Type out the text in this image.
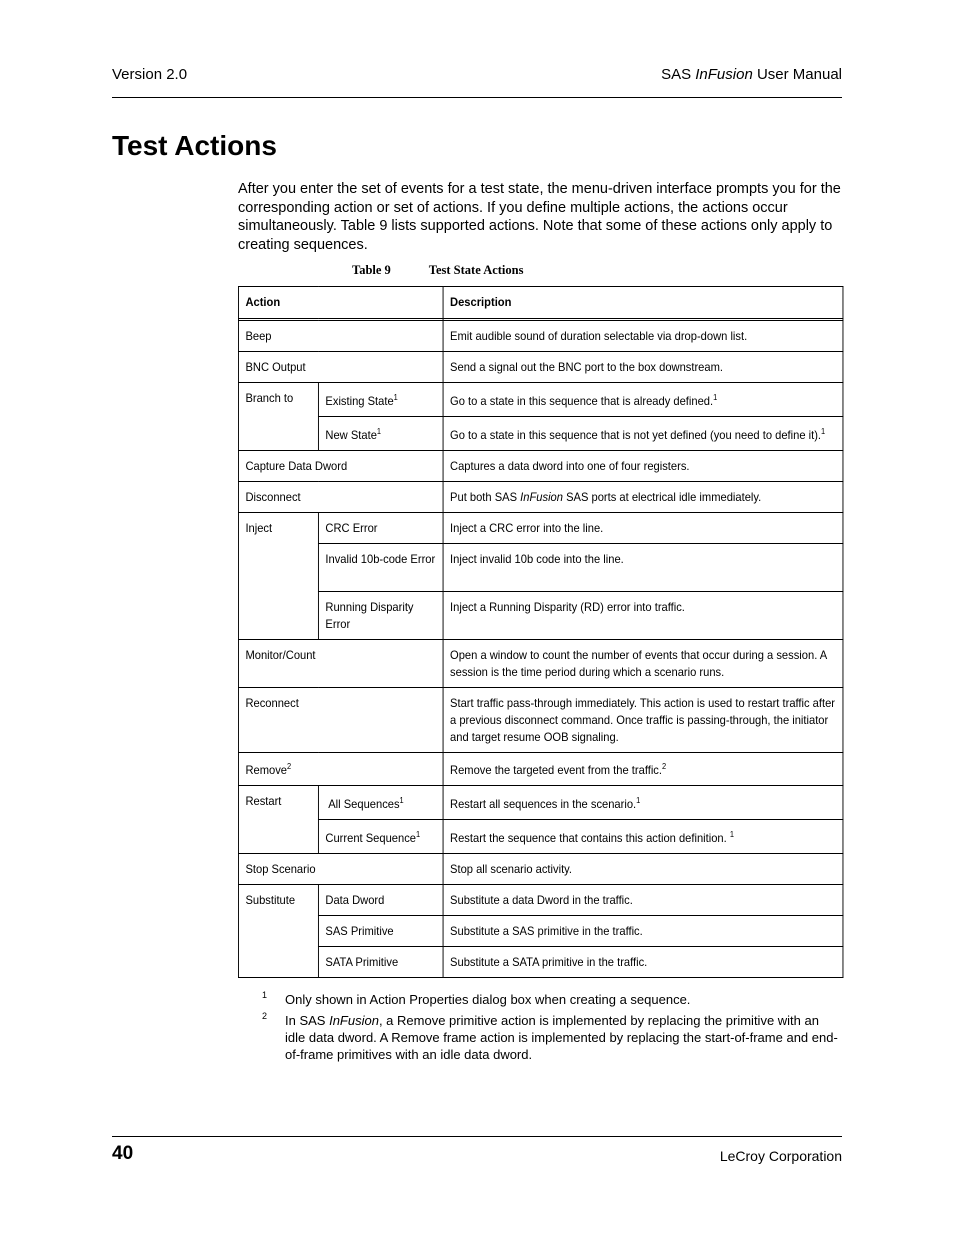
Version 2.0	SAS InFusion User Manual
Test Actions

After you enter the set of events for a test state, the menu-driven interface prompts you for the corresponding action or set of actions. If you define multiple actions, the actions occur simultaneously. Table 9 lists supported actions. Note that some of these actions only apply to creating sequences.

Table 9	Test State Actions
Action		Description

Beep		Emit audible sound of duration selectable via drop-down list.
BNC Output		Send a signal out the BNC port to the box downstream.
Branch to	Existing State$^1$	Go to a state in this sequence that is already defined.$^1$
	New State$^1$	Go to a state in this sequence that is not yet defined (you need to define it).$^1$
Capture Data Dword		Captures a data dword into one of four registers.
Disconnect		Put both SAS InFusion SAS ports at electrical idle immediately.
Inject	CRC Error	Inject a CRC error into the line.
	Invalid 10b-code Error	Inject invalid 10b code into the line.
	Running Disparity Error	Inject a Running Disparity (RD) error into traffic.
Monitor/Count		Open a window to count the number of events that occur during a session. A session is the time period during which a scenario runs.
Reconnect		Start traffic pass-through immediately. This action is used to restart traffic after a previous disconnect command. Once traffic is passing-through, the initiator and target resume OOB signaling.
Remove$^2$		Remove the targeted event from the traffic.$^2$
Restart	All Sequences$^1$	Restart all sequences in the scenario.$^1$
	Current Sequence$^1$	Restart the sequence that contains this action definition. $^1$
Stop Scenario		Stop all scenario activity.
Substitute	Data Dword	Substitute a data Dword in the traffic.
	SAS Primitive	Substitute a SAS primitive in the traffic.
	SATA Primitive	Substitute a SATA primitive in the traffic.
1 Only shown in Action Properties dialog box when creating a sequence.
2 In SAS InFusion, a Remove primitive action is implemented by replacing the primitive with an idle data dword. A Remove frame action is implemented by replacing the start-of-frame and end-of-frame primitives with an idle data dword.
40	LeCroy Corporation
